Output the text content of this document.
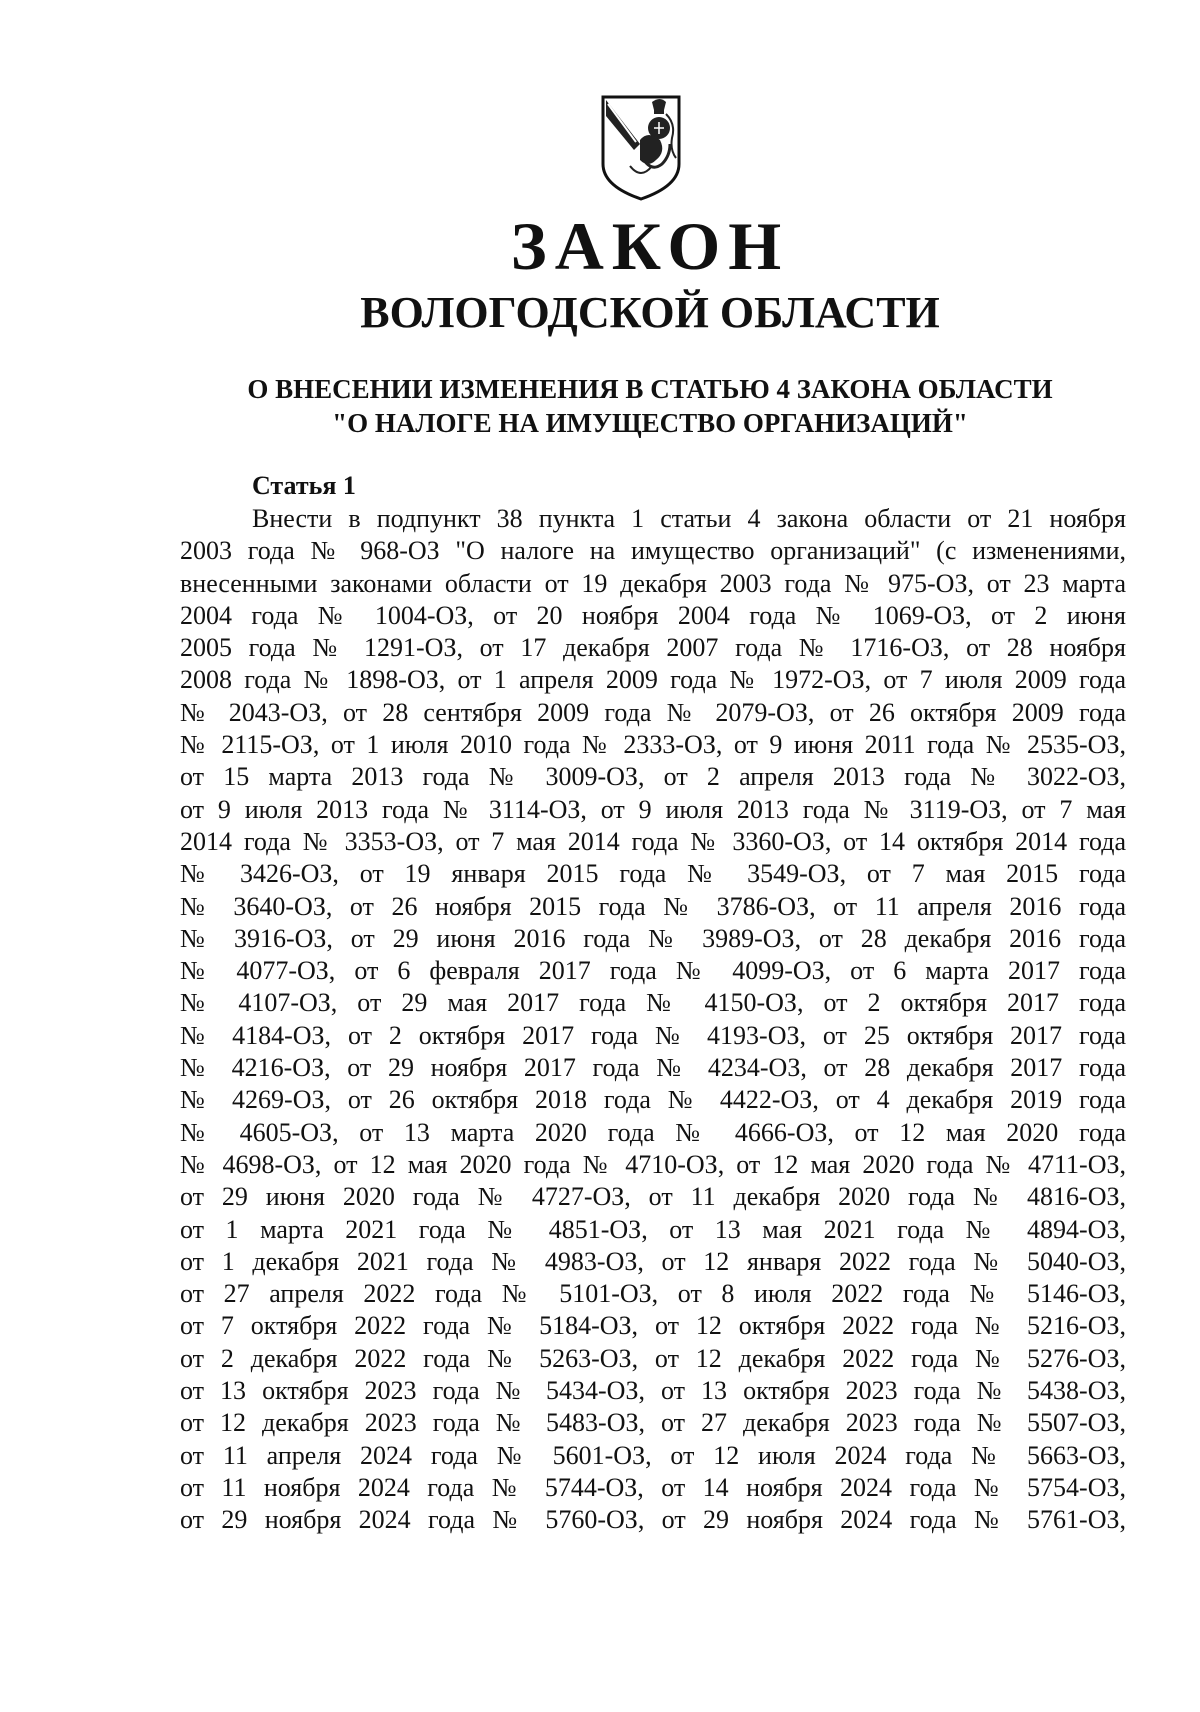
ЗАКОН
ВОЛОГОДСКОЙ ОБЛАСТИ
О ВНЕСЕНИИ ИЗМЕНЕНИЯ В СТАТЬЮ 4 ЗАКОНА ОБЛАСТИ
"О НАЛОГЕ НА ИМУЩЕСТВО ОРГАНИЗАЦИЙ"
Статья 1
Внести в подпункт 38 пункта 1 статьи 4 закона области от 21 ноября
2003 года № 968-ОЗ "О налоге на имущество организаций" (с изменениями,
внесенными законами области от 19 декабря 2003 года № 975-ОЗ, от 23 марта
2004 года № 1004-ОЗ, от 20 ноября 2004 года № 1069-ОЗ, от 2 июня
2005 года № 1291-ОЗ, от 17 декабря 2007 года № 1716-ОЗ, от 28 ноября
2008 года № 1898-ОЗ, от 1 апреля 2009 года № 1972-ОЗ, от 7 июля 2009 года
№ 2043-ОЗ, от 28 сентября 2009 года № 2079-ОЗ, от 26 октября 2009 года
№ 2115-ОЗ, от 1 июля 2010 года № 2333-ОЗ, от 9 июня 2011 года № 2535-ОЗ,
от 15 марта 2013 года № 3009-ОЗ, от 2 апреля 2013 года № 3022-ОЗ,
от 9 июля 2013 года № 3114-ОЗ, от 9 июля 2013 года № 3119-ОЗ, от 7 мая
2014 года № 3353-ОЗ, от 7 мая 2014 года № 3360-ОЗ, от 14 октября 2014 года
№ 3426-ОЗ, от 19 января 2015 года № 3549-ОЗ, от 7 мая 2015 года
№ 3640-ОЗ, от 26 ноября 2015 года № 3786-ОЗ, от 11 апреля 2016 года
№ 3916-ОЗ, от 29 июня 2016 года № 3989-ОЗ, от 28 декабря 2016 года
№ 4077-ОЗ, от 6 февраля 2017 года № 4099-ОЗ, от 6 марта 2017 года
№ 4107-ОЗ, от 29 мая 2017 года № 4150-ОЗ, от 2 октября 2017 года
№ 4184-ОЗ, от 2 октября 2017 года № 4193-ОЗ, от 25 октября 2017 года
№ 4216-ОЗ, от 29 ноября 2017 года № 4234-ОЗ, от 28 декабря 2017 года
№ 4269-ОЗ, от 26 октября 2018 года № 4422-ОЗ, от 4 декабря 2019 года
№ 4605-ОЗ, от 13 марта 2020 года № 4666-ОЗ, от 12 мая 2020 года
№ 4698-ОЗ, от 12 мая 2020 года № 4710-ОЗ, от 12 мая 2020 года № 4711-ОЗ,
от 29 июня 2020 года № 4727-ОЗ, от 11 декабря 2020 года № 4816-ОЗ,
от 1 марта 2021 года № 4851-ОЗ, от 13 мая 2021 года № 4894-ОЗ,
от 1 декабря 2021 года № 4983-ОЗ, от 12 января 2022 года № 5040-ОЗ,
от 27 апреля 2022 года № 5101-ОЗ, от 8 июля 2022 года № 5146-ОЗ,
от 7 октября 2022 года № 5184-ОЗ, от 12 октября 2022 года № 5216-ОЗ,
от 2 декабря 2022 года № 5263-ОЗ, от 12 декабря 2022 года № 5276-ОЗ,
от 13 октября 2023 года № 5434-ОЗ, от 13 октября 2023 года № 5438-ОЗ,
от 12 декабря 2023 года № 5483-ОЗ, от 27 декабря 2023 года № 5507-ОЗ,
от 11 апреля 2024 года № 5601-ОЗ, от 12 июля 2024 года № 5663-ОЗ,
от 11 ноября 2024 года № 5744-ОЗ, от 14 ноября 2024 года № 5754-ОЗ,
от 29 ноября 2024 года № 5760-ОЗ, от 29 ноября 2024 года № 5761-ОЗ,
